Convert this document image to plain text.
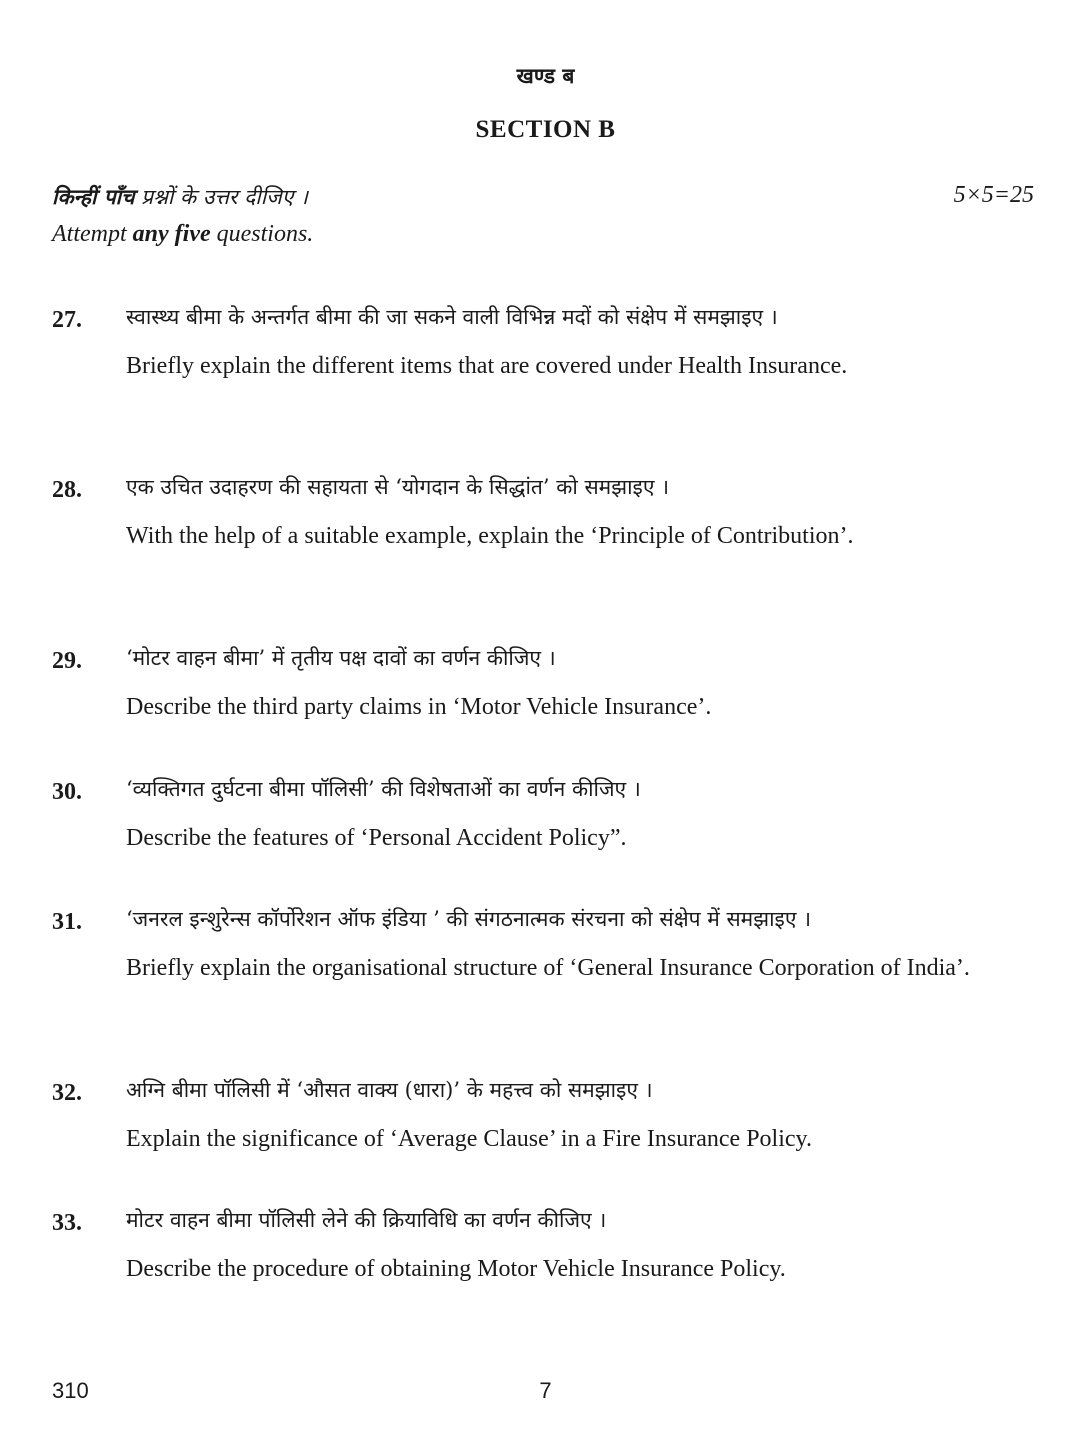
खण्ड ब
SECTION B
किन्हीं पाँच प्रश्नों के उत्तर दीजिए ।	5×5=25
Attempt any five questions.
27. स्वास्थ्य बीमा के अन्तर्गत बीमा की जा सकने वाली विभिन्न मदों को संक्षेप में समझाइए ।
Briefly explain the different items that are covered under Health Insurance.
28. एक उचित उदाहरण की सहायता से ‘योगदान के सिद्धांत’ को समझाइए ।
With the help of a suitable example, explain the ‘Principle of Contribution’.
29. ‘मोटर वाहन बीमा’ में तृतीय पक्ष दावों का वर्णन कीजिए ।
Describe the third party claims in ‘Motor Vehicle Insurance’.
30. ‘व्यक्तिगत दुर्घटना बीमा पॉलिसी’ की विशेषताओं का वर्णन कीजिए ।
Describe the features of ‘Personal Accident Policy”.
31. ‘जनरल इन्शुरेन्स कॉर्पोरेशन ऑफ इंडिया ’ की संगठनात्मक संरचना को संक्षेप में समझाइए ।
Briefly explain the organisational structure of ‘General Insurance Corporation of India’.
32. अग्नि बीमा पॉलिसी में ‘औसत वाक्य (धारा)’ के महत्त्व को समझाइए ।
Explain the significance of ‘Average Clause’ in a Fire Insurance Policy.
33. मोटर वाहन बीमा पॉलिसी लेने की क्रियाविधि का वर्णन कीजिए ।
Describe the procedure of obtaining Motor Vehicle Insurance Policy.
310	7
